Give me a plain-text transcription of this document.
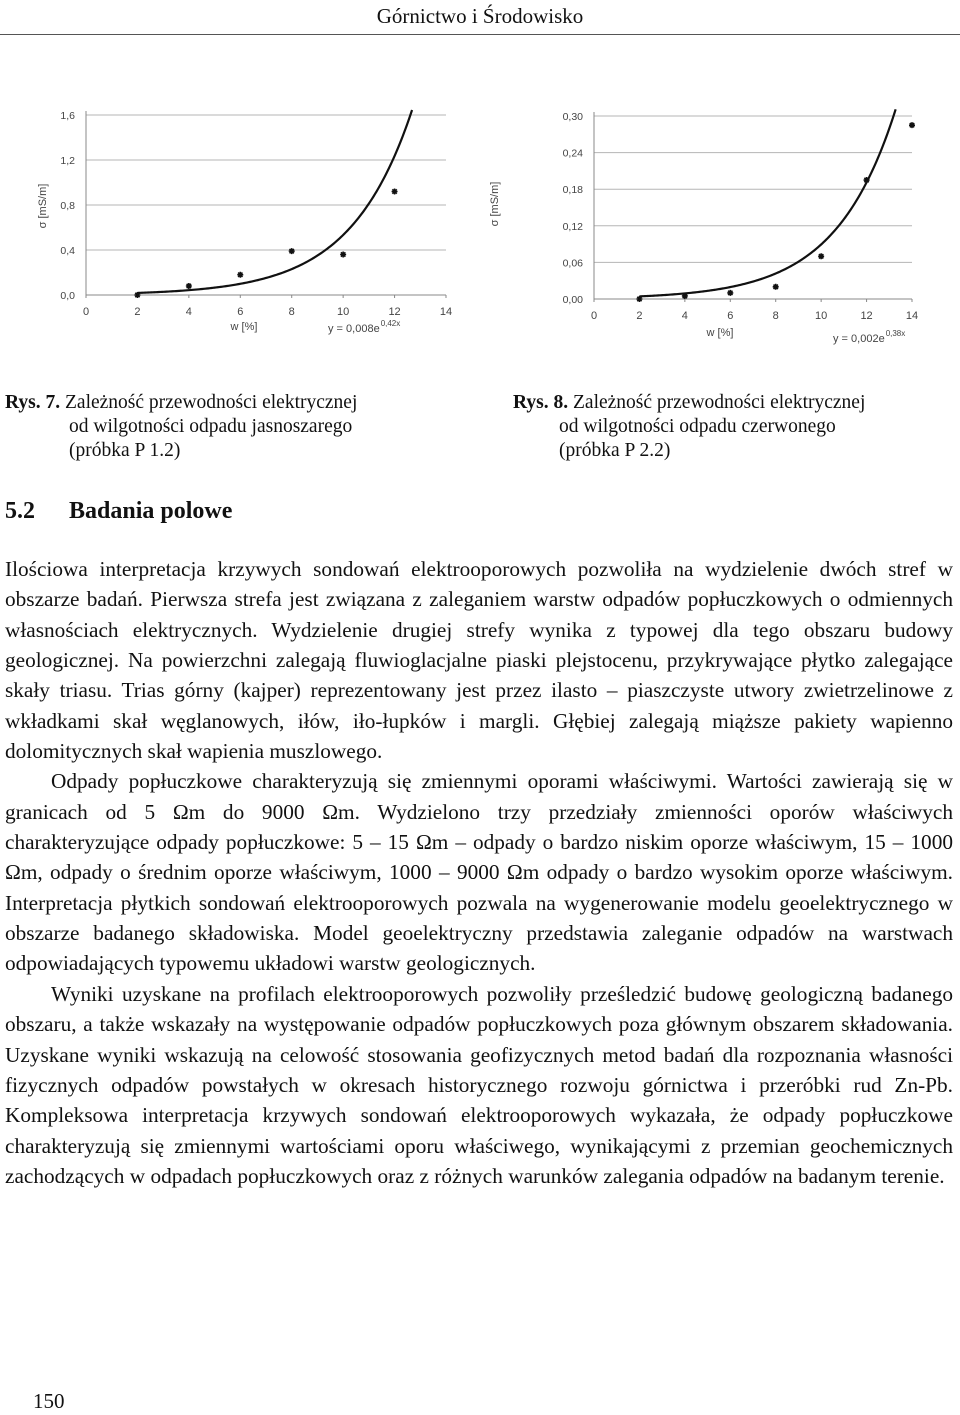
Górnictwo i Środowisko
0,0
0,4
0,8
1,2
1,6
0	2	4	6	8	10	12	14
y = 0,008e 0,42x
σ [mS/m]
w [%]
0,00
0,06
0,12
0,18
0,24
0,30
0	2	4	6	8	10	12	14
y = 0,002e 0,38x
σ [mS/m]
w [%]
Rys. 7. Zależność przewodności elektrycznej
od wilgotności odpadu jasnoszarego
(próbka P 1.2)
Rys. 8. Zależność przewodności elektrycznej
od wilgotności odpadu czerwonego
(próbka P 2.2)
5.2 Badania polowe

Ilościowa interpretacja krzywych sondowań elektrooporowych pozwoliła na wydzielenie dwóch stref w obszarze badań. Pierwsza strefa jest związana z zaleganiem warstw odpadów popłuczkowych o odmiennych własnościach elektrycznych. Wydzielenie drugiej strefy wynika z typowej dla tego obszaru budowy geologicznej. Na powierzchni zalegają fluwioglacjalne piaski plejstocenu, przykrywające płytko zalegające skały triasu. Trias górny (kajper) reprezentowany jest przez ilasto – piaszczyste utwory zwietrzelinowe z wkładkami skał węglanowych, iłów, iło-łupków i margli. Głębiej zalegają miąższe pakiety wapienno dolomitycznych skał wapienia muszlowego.

Odpady popłuczkowe charakteryzują się zmiennymi oporami właściwymi. Wartości zawierają się w granicach od 5 Ωm do 9000 Ωm. Wydzielono trzy przedziały zmienności oporów właściwych charakteryzujące odpady popłuczkowe: 5 – 15 Ωm – odpady o bardzo niskim oporze właściwym, 15 – 1000 Ωm, odpady o średnim oporze właściwym, 1000 – 9000 Ωm odpady o bardzo wysokim oporze właściwym. Interpretacja płytkich sondowań elektrooporowych pozwala na wygenerowanie modelu geoelektrycznego w obszarze badanego składowiska. Model geoelektryczny przedstawia zaleganie odpadów na warstwach odpowiadających typowemu układowi warstw geologicznych.

Wyniki uzyskane na profilach elektrooporowych pozwoliły prześledzić budowę geologiczną badanego obszaru, a także wskazały na występowanie odpadów popłuczkowych poza głównym obszarem składowania. Uzyskane wyniki wskazują na celowość stosowania geofizycznych metod badań dla rozpoznania własności fizycznych odpadów powstałych w okresach historycznego rozwoju górnictwa i przeróbki rud Zn-Pb. Kompleksowa interpretacja krzywych sondowań elektrooporowych wykazała, że odpady popłuczkowe charakteryzują się zmiennymi wartościami oporu właściwego, wynikającymi z przemian geochemicznych zachodzących w odpadach popłuczkowych oraz z różnych warunków zalegania odpadów na badanym terenie.

150
